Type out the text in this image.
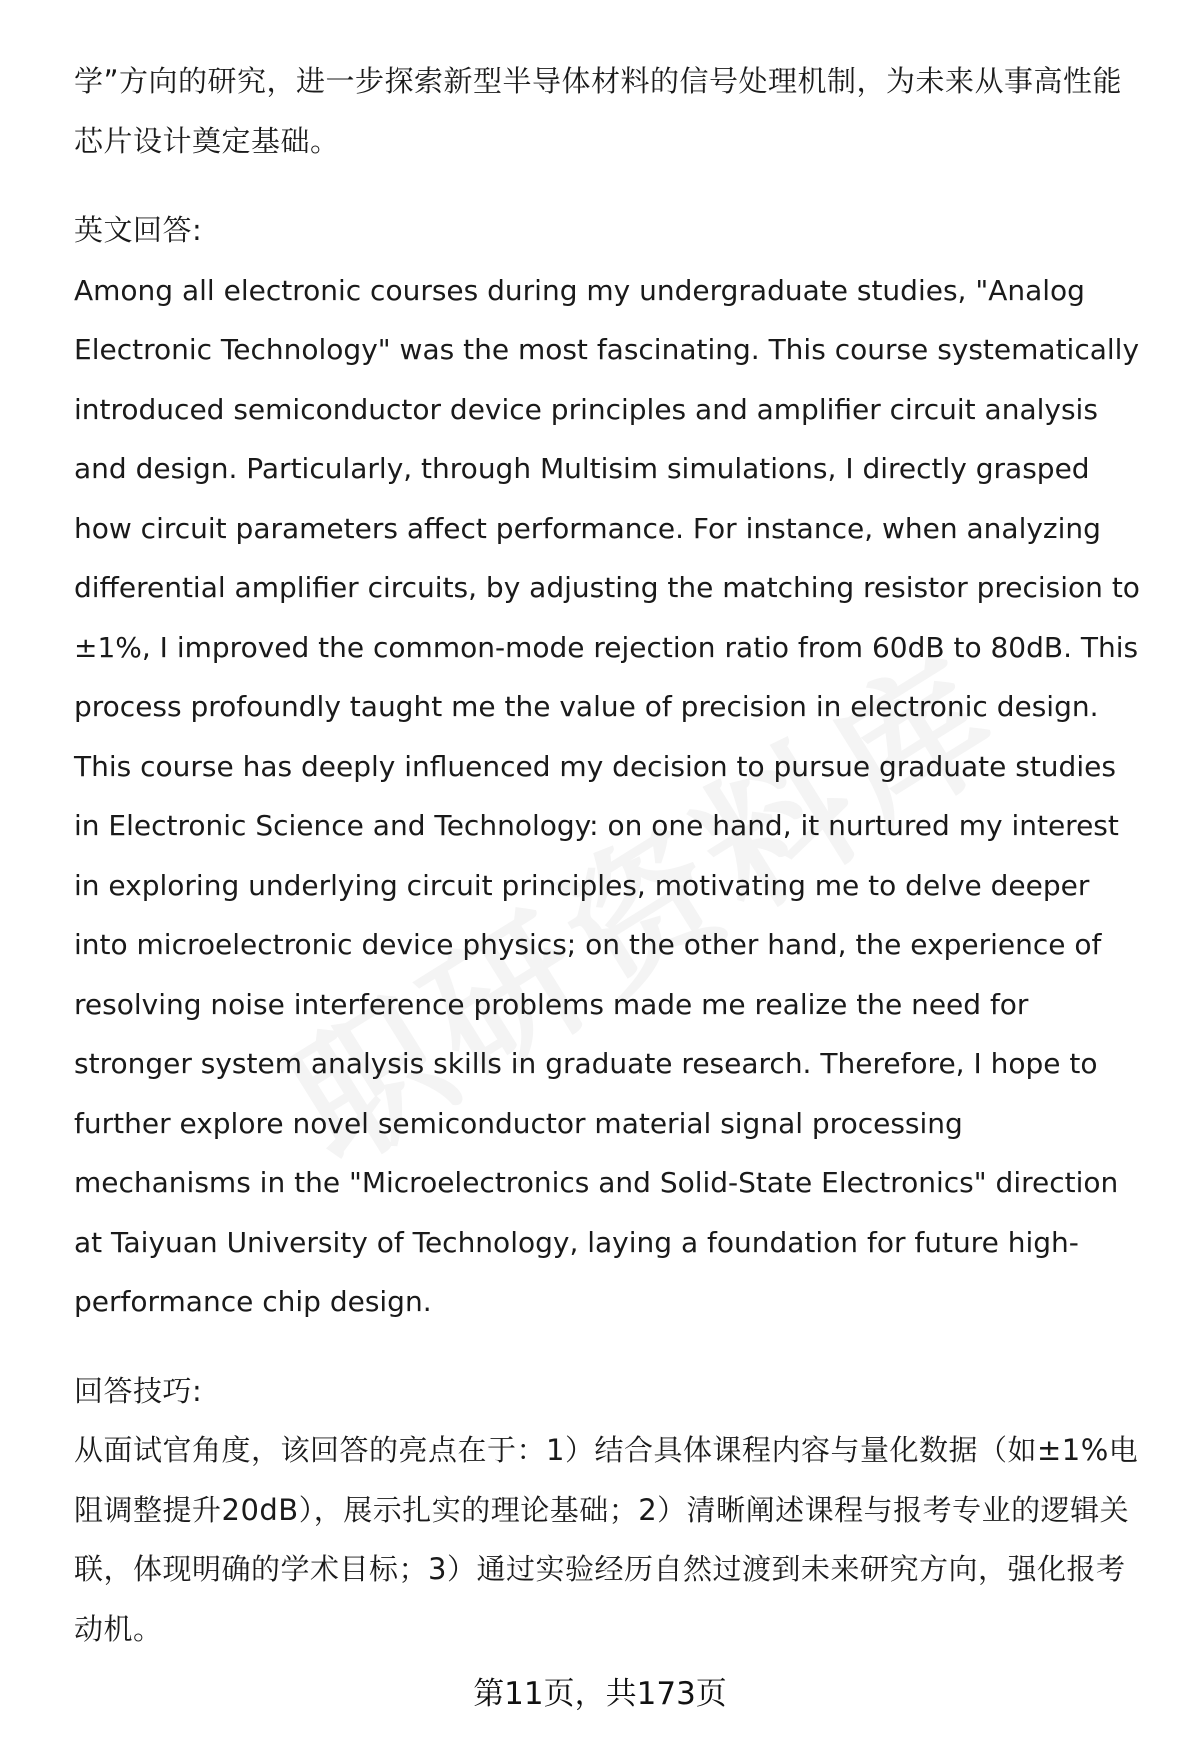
学”方向的研究，进一步探索新型半导体材料的信号处理机制，为未来从事高性能

芯片设计奠定基础。

英文回答:

Among all electronic courses during my undergraduate studies, "Analog

Electronic Technology" was the most fascinating. This course systematically

introduced semiconductor device principles and amplifier circuit analysis

and design. Particularly, through Multisim simulations, I directly grasped

how circuit parameters affect performance. For instance, when analyzing

differential amplifier circuits, by adjusting the matching resistor precision to

±1%, I improved the common-mode rejection ratio from 60dB to 80dB. This

process profoundly taught me the value of precision in electronic design.

This course has deeply influenced my decision to pursue graduate studies

in Electronic Science and Technology: on one hand, it nurtured my interest

in exploring underlying circuit principles, motivating me to delve deeper

into microelectronic device physics; on the other hand, the experience of

resolving noise interference problems made me realize the need for

stronger system analysis skills in graduate research. Therefore, I hope to

further explore novel semiconductor material signal processing

mechanisms in the "Microelectronics and Solid-State Electronics" direction

at Taiyuan University of Technology, laying a foundation for future high-

performance chip design.

回答技巧:

从面试官角度，该回答的亮点在于：1）结合具体课程内容与量化数据（如±1%电

阻调整提升20dB），展示扎实的理论基础；2）清晰阐述课程与报考专业的逻辑关

联，体现明确的学术目标；3）通过实验经历自然过渡到未来研究方向，强化报考

动机。

第11页，共173页
